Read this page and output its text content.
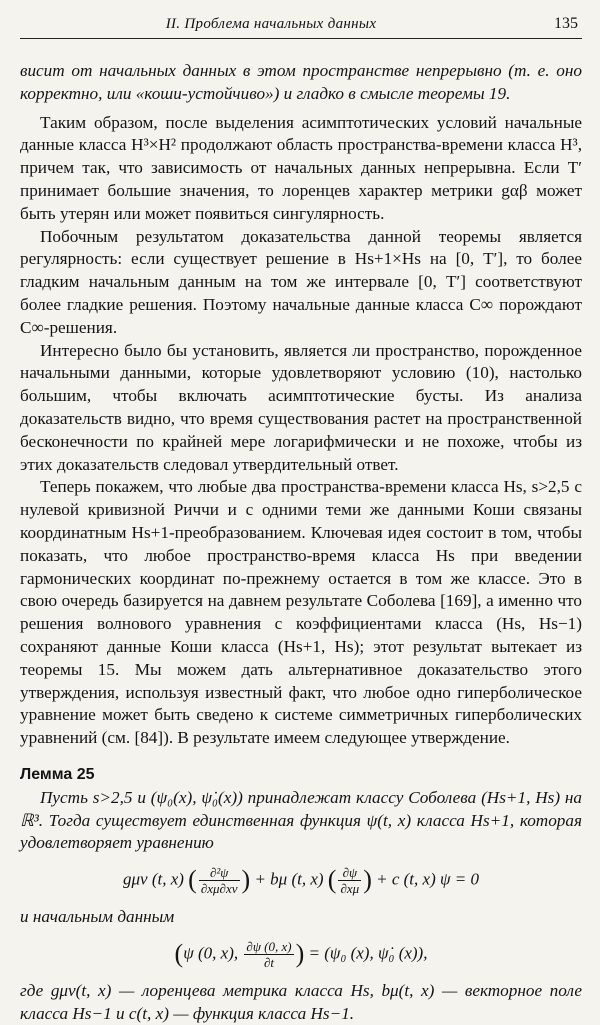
II. Проблема начальных данных	135

висит от начальных данных в этом пространстве непрерывно (т. е. оно корректно, или «коши-устойчиво») и гладко в смысле теоремы 19.

Таким образом, после выделения асимптотических условий начальные данные класса H³×H² продолжают область пространства-времени класса H³, причем так, что зависимость от начальных данных непрерывна. Если T′ принимает большие значения, то лоренцев характер метрики gαβ может быть утерян или может появиться сингулярность.

Побочным результатом доказательства данной теоремы является регулярность: если существует решение в Hs+1×Hs на [0, T′], то более гладким начальным данным на том же интервале [0, T′] соответствуют более гладкие решения. Поэтому начальные данные класса C∞ порождают C∞-решения.

Интересно было бы установить, является ли пространство, порожденное начальными данными, которые удовлетворяют условию (10), настолько большим, чтобы включать асимптотические бусты. Из анализа доказательств видно, что время существования растет на пространственной бесконечности по крайней мере логарифмически и не похоже, чтобы из этих доказательств следовал утвердительный ответ.

Теперь покажем, что любые два пространства-времени класса Hs, s>2,5 с нулевой кривизной Риччи и с одними теми же данными Коши связаны координатным Hs+1-преобразованием. Ключевая идея состоит в том, чтобы показать, что любое пространство-время класса Hs при введении гармонических координат по-прежнему остается в том же классе. Это в свою очередь базируется на давнем результате Соболева [169], а именно что решения волнового уравнения с коэффициентами класса (Hs, Hs−1) сохраняют данные Коши класса (Hs+1, Hs); этот результат вытекает из теоремы 15. Мы можем дать альтернативное доказательство этого утверждения, используя известный факт, что любое одно гиперболическое уравнение может быть сведено к системе симметричных гиперболических уравнений (см. [84]). В результате имеем следующее утверждение.

Лемма 25

Пусть s>2,5 и (ψ₀(x), ψ̇₀(x)) принадлежат классу Соболева (Hs+1, Hs) на ℝ³. Тогда существует единственная функция ψ(t, x) класса Hs+1, которая удовлетворяет уравнению

gμν (t, x) ( $\frac{\text{∂²ψ}}{\partial x\mu\partial x\nu}$ ) + bμ (t, x) ( $\frac{\partial\psi}{\partial x\mu}$ ) + c (t, x) ψ = 0

и начальным данным

(ψ (0, x), $\frac{\partial\psi (0, x)}{\partial t}$ ) = (ψ₀ (x), ψ̇₀ (x)),

где gμν(t, x) — лоренцева метрика класса Hs, bμ(t, x) — векторное поле класса Hs−1 и c(t, x) — функция класса Hs−1.
